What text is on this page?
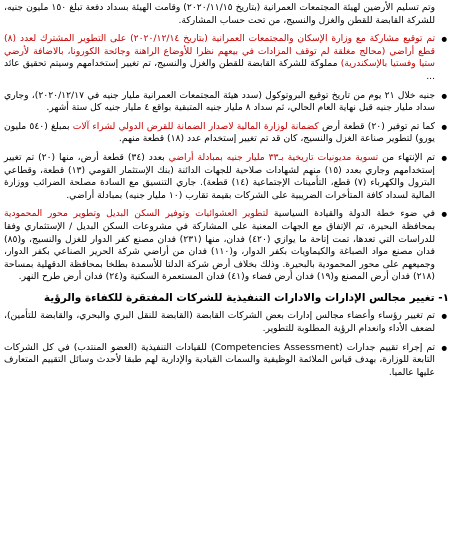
وتم تسليم الأرضين لهيئة المجتمعات العمرانية (بتاريخ ٢٠٢٠/١١/١٥) وقامت الهيئة بسداد دفعة تبلغ ١٥٠ مليون جنيه، للشركة القابضة للقطن والغزل والنسيج، من تحت حساب المشاركة.
● تم توقيع مشاركة مع وزارة الإسكان والمجتمعات العمرانية (بتاريخ ٢٠٢٠/١٢/١٤) على التطوير المشترك لعدد (٨) قطع أراضي (محالج مغلقة لم توقف المزادات في بيعهم نظرا للأوضاع الراهنة وجائحة الكورونا، بالاضافة لأرضي ستيا وفستيا بالإسكندرية) مملوكة للشركة القابضة للقطن والغزل والنسيج، تم تغيير إستخدامهم وسيتم تحقيق عائد ...
● جنيه خلال ٢١ يوم من تاريخ توقيع البروتوكول (سدد هيئة المجتمعات العمرانية مليار جنيه في ٢٠٢٠/١٢/١٧)، وجاري سداد مليار جنيه قبل نهاية العام الحالي، ثم سداد ٨ مليار جنيه المتبقية بواقع ٤ مليار جنيه كل ستة أشهر.
● كما تم توفير (٢٠) قطعة أرض كضمانة لوزارة المالية لاصدار الضمانة للقرض الدولي لشراء آلات بمبلغ (٥٤٠ مليون يورو) لتطوير صناعة الغزل والنسيج، كان قد تم تغيير إستخدام عدد (١٨) قطعة منهم.
● تم الإنتهاء من تسوية مديونيات تاريخية بـ٣٣ مليار جنيه بمبادلة أراضي بعدد (٣٤) قطعة أرض، منها (٢٠) تم تغيير إستخدامهم وجاري بعدد (١٥) منهم لشهادات صلاحية للجهات الدائنة (بنك الإستثمار القومي (١٣) قطعة، وقطاعي البترول والكهرباء (٧) قطع، التأمينات الإجتماعية (١٤) قطعة). جاري التنسيق مع السادة مصلحة الضرائب ووزارة المالية لسداد كافة المتأخرات الضريبية على الشركات بقيمة تقارب (١٠ مليار جنيه) بمبادلة أراضي.
● في ضوء خطة الدولة والقيادة السياسية لتطوير العشوائيات وتوفير السكن البديل وتطوير محور المحمودية بمحافظة البحيرة، تم الإتفاق مع الجهات المعنية على المشاركة في مشروعات السكن البديل / الإستثماري وفقا للدراسات التي تعدها، تمت إتاحة ما يوازي (٤٢٠) فدان، منها (٢٣١) فدان مصنع كفر الدوار للغزل والنسيج، و(٨٥) فدان مصنع مواد الصباغة والكيماويات بكفر الدوار، و(١١٠) فدان من أراضي شركة الحرير الصناعي بكفر الدوار، وجميعهم على محور المحمودية بالبحيرة. وذلك بخلاف أرض شركة الدلتا للأسمدة بطلخا بمحافظة الدقهلية بمساحة (٢١٨) فدان أرض المصنع و(١٩) فدان أرض فضاء و(٤١) فدان المستعمرة السكنية و(٢٤) فدان أرض طرح النهر.
١- تغيير مجالس الإدارات والادارات التنفيذية للشركات المفتقرة للكفاءة والرؤية
● تم تغيير رؤساء وأعضاء مجالس إدارات بعض الشركات القابضة (القابضة للنقل البري والبحري، والقابضة للتأمين)، لضعف الأداء وانعدام الرؤية المطلوبة للتطوير.
● تم إجراء تقييم جدارات (Competencies Assessment) للقيادات التنفيذية (العضو المنتدب) في كل الشركات التابعة للوزارة، بهدف قياس الملائمة الوظيفية والسمات القيادية والإدارية لهم طبقا لأحدث وسائل التقييم المتعارف عليها عالميا.
